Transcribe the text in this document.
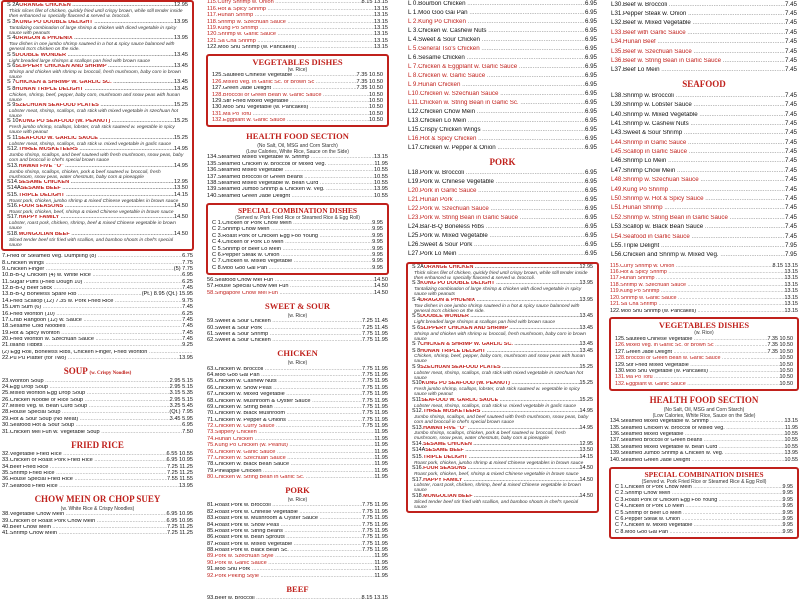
S 2A ORANGE CHICKEN .....	12.95
Thick slices filet of chicken, quickly fried until crispy brown, while still tender inside then enhanced w. specially flavored & served w. broccoli.
S 3 KUNG PO DOUBLE DELIGHT .....	13.95
Tantalizing combination of large shrimp & chicken with diced vegetable in spicy sauce with peanuts
S 4 DRAGON & PHOENIX .....	13.95
Tow dishes in one jumbo shrimp sauteed in a hot & spicy sauce balanced with general tso's chicken on the side.
S 5 DOUBLE WONDER .....	13.45
Light breaded large shrimps & scallops pan fried with brown sauce
S 6 SLIPPERY CHICKEN AND SHRIMP .....	13.45
Shrimp and chicken with shrimp w. broccoli, fresh mushroom, baby corn in brown sauce
S 7 CHICKEN & SHRIMP W. GARLIC SC. .....	13.45
S 8 HUNAN TRIPLE DELIGHT .....	13.45
Chicken, shrimp, beef, pepper, baby corn, mushroom and snow peas with hunan sauce
S 9 SZECHUAN SEAFOOD PLATES .....	15.25
Lobster meat, shrimp, scallops, crab stick with mixed vegetable in szechuan hot sauce
S 10 KUNG PO SEAFOOD (W. PEANUT) .....	15.25
Fresh jumbo shrimp, scallops, lobster, crab stick sauteed w. vegetable in spicy sauce with peanut
S 11 SEAFOOD W. GARLIC SAUCE .....	15.25
Lobster meat, shrimp, scallops, crab stick w. mixed vegetable in garlic sauce
S12. THREE MUSKETEERS .....	14.95
Jumbo shrimp, scallops, and beef sauteed with fresh mushroom, snow peas, baby corn and broccoli in chef's special brown sauce
S13. HAWAII FIVE "O" .....	14.95
Jumbo shrimp, scallops, chicken, pork & beef sauteed w. broccoli, fresh mushroom, snow peas, water chestnuts, baby corn & pineapple
S14. SESAME CHICKEN .....	12.95
S14A SESAME BEEF .....	13.50
S15. TRIPLE DELIGHT .....	14.15
Roast pork, chicken, jumbo shrimp & mixed Chinese vegetables in brown sauce
S16. FOUR SEASONS .....	14.50
Roast pork, chicken, beef, shrimp & mixed Chinese vegetable in brown sauce
S17. HAPPY FAMILY .....	14.50
Lobster, roast pork, chicken, shrimp, beef & mixed Chinese vegetable in brown sauce
S18. MONGOLIAN BEEF .....	14.50
Sliced tender beef stir fried with scallion, and bamboo shoots in chef's special sauce
7. Fried or Steamed Veg. Dumpling (8) .....	6.75
8. Chicken Wings .....	7.75
9. Chicken Finger .....	(5) 7.75
10. B-B-Q Chicken (4) w. White Rice .....	6.95
11. Sugar Puffs (Fried Dough 10) .....	6.25
12. B-B-Q Beef Stick .....	7.45
13. B-B-Q Boneless Spare Rib .....	(Pt.) 8.95 (Qt.) 15.95
14. Fried Scallop (12) 7.35 w. Pork Fried Rice .....	9.75
15. Dim Sum (6) .....	7.45
16. Fried Wonton (10) .....	6.25
17. Crab Rangoon (12) w. Sauce .....	7.45
18. Sesame Cold Noodles .....	7.45
19. Hot & Spicy Wonton .....	7.45
20. Fried Wonton w. Szechuan Sauce .....	7.45
21. Island Tidbits .....	9.25
(2) Egg Roll, Boneless Ribs, Chicken Finger, Fried Wonton .....
22. Pu Pu Platter (for Two) .....	13.95
SOUP (w. Crispy Noodles)
23. Wonton Soup .....	2.95 5.15
24. Egg Drop Soup .....	2.95 5.15
25. Mixed Wonton Egg Drop Soup .....	3.15 5.35
26. Chicken Noodle or Rice Soup .....	2.95 5.15
27. Mixed Veg. w. Bean Curd Soup .....	3.25 5.45
28. House Special Soup .....	(Qt.) 7.95
29. Hot & Sour Soup (No Meat) .....	3.45 5.95
30. Seafood Hot & Sour Soup .....	6.95
31. Chicken Mei Fun w. Vegetable Soup .....	7.50
FRIED RICE
32. Vegetable Fried Rice .....	6.55 10.55
33. Chicken or Roast Pork Fried Rice .....	6.95 10.95
34. Beef Fried Rice .....	7.25 11.25
35. Shrimp Fried Rice .....	7.25 11.25
36. House Special Fried Rice .....	7.55 11.55
37. Seafood Fried Rice .....	13.95
CHOW MEIN OR CHOP SUEY
(w. White Rice & Crispy Noodles)
38. Vegetable Chow Mein .....	6.95 10.95
39. Chicken or Roast Pork Chow Mein .....	6.95 10.95
40. Beef Chow Mein .....	7.25 11.25
41. Shrimp Chow Mein .....	7.25 11.25
115. Curry Shrimp w. Onion .....	8.15 13.15
116. Hot & Spicy Shrimp .....	13.15
117. Hunan Shrimp .....	13.15
118. Shrimp w. Szechuan Sauce .....	13.15
119. Kung Po Shrimp .....	13.15
120. Shrimp w. Garlic Sauce .....	13.15
121. Sa Cha Shrimp .....	13.15
122. Moo Shu Shrimp (w. Pancakes) .....	13.15
VEGETABLES DISHES
(w. Rice)
125. Sauteed Chinese Vegetable .....	7.35 10.50
126. Mixed Veg. in Garlic Sc. or Brown Sc .....	7.35 10.50
127. Green Jade Delight .....	7.35 10.50
128. Broccoli or Green Bean w. Garlic Sauce .....	10.50
129. Stir Fried Mixed Vegetable .....	10.50
130. Moo Shu Vegetable (w. Pancakes) .....	10.50
131. Ma Po Tofu .....	10.50
132. Eggplant w. Garlic Sauce .....	10.50
HEALTH FOOD SECTION
(No Salt, Oil, MSG and Corn Starch)
(Low Calories, White Rice, Sauce on the Side)
134. Steamed Mixed Vegetable w. Shrimp .....	13.15
135. Steamed Chicken w. Broccoli or Mixed Veg. .....	11.95
136. Steamed Mixed Vegetable .....	10.55
137. Steamed Broccoli or Green Beans .....	10.55
138. Steamed Mixed Vegetable w. Bean Curd .....	10.55
139. Steamed Jumbo Shrimp & Chicken w. Veg. .....	13.95
140. Steamed Green Jade Delight .....	10.55
SPECIAL COMBINATION DISHES
(Served w. Pork Fried Rice or Steamed Rice & Egg Roll)
C 1. Chicken or Pork Chow Mein .....	9.95
C 2. Shrimp Chow Mein .....	9.95
C 3. Roast Pork or Chicken Egg Foo Young .....	9.95
C 4. Chicken or Pork Lo Mein .....	9.95
C 5. Shrimp or Beef Lo Mein .....	9.95
C 6. Pepper Steak w. Onion .....	9.95
C 7. Chicken w. Mixed Vegetable .....	9.95
C 8. Moo Goo Gai Pan .....	9.95
56. Seafood Chow Mei Fun .....	14.50
57. House Special Chow Mei Fun .....	14.50
58. Singapore Chow Mei Fun .....	14.50
SWEET & SOUR
(w. Rice)
59. Sweet & Sour Chicken .....	7.25 11.45
60. Sweet & Sour Pork .....	7.25 11.45
61. Sweet & Sour Shrimp .....	7.75 11.95
62. Sweet & Sour Chicken .....	7.75 11.95
CHICKEN
(w. Rice)
63. Chicken w. Broccoli .....	7.75 11.95
64. Moo Goo Gai Pan .....	7.75 11.95
65. Chicken w. Cashew Nuts .....	7.75 11.95
66. Chicken w. Snow Peas .....	7.75 11.95
67. Chicken w. Mixed Vegetable .....	7.75 11.95
68. Chicken w. Mushroom & Oyster Sauce .....	7.75 11.95
69. Chicken w. String Bean .....	7.75 11.95
70. Chicken w. Black Mushroom .....	7.75 11.95
71. Chicken w. Pepper & Onions .....	7.75 11.95
72. Chicken w. Curry Sauce .....	7.75 11.95
73. Slippery Chicken .....	11.95
74. Hunan Chicken .....	11.95
75. Kung Po Chicken (w. Peanut) .....	11.95
76. Chicken w. Garlic Sauce .....	11.95
77. Chicken w. Szechuan Sauce .....	11.95
78. Chicken w. Black Bean Sauce .....	11.95
79. Pineapple Chicken .....	11.95
80. Chicken w. String Bean in Garlic Sc. .....	11.95
PORK
(w. Rice)
81. Roast Pork w. Broccoli .....	7.75 11.95
82. Roast Pork w. Chinese Vegetable .....	7.75 11.95
83. Roast Pork w. Mushroom & Oyster Sauce .....	7.75 11.95
84. Roast Pork w. Snow Peas .....	7.75 11.95
85. Roast Pork w. String Beans .....	7.75 11.95
86. Roast Pork w. Bean Sprouts .....	7.75 11.95
87. Roast Pork w. Mixed Vegetable .....	7.75 11.95
88. Roast Pork w. Black Bean Sc. .....	7.75 11.95
89. Pork w. Szechuan Style .....	11.95
90. Pork w. Garlic Sauce .....	11.95
91. Moo Shu Pork .....	11.95
92. Pork Peking Style .....	11.95
BEEF
93. Beef w. Broccoli .....	8.15 13.15
L 0. Bourbon Chicken .....	6.95
L 1. Moo Goo Gai Pan .....	6.95
L 2. Kung Po Chicken .....	6.95
L 3. Chicken w. Cashew Nuts .....	6.95
L 4. Sweet & Sour Chicken .....	6.95
L 5. General Tso's Chicken .....	6.95
L 6. Sesame Chicken .....	6.95
L 7. Chicken & Eggplant w. Garlic Sauce .....	6.95
L 8. Chicken w. Garlic Sauce .....	6.95
L 9. Hunan Chicken .....	6.95
L10. Chicken w. Szechuan Sauce .....	6.95
L11. Chicken w. String Bean in Garlic Sc. .....	6.95
L12. Chicken Chow Mein .....	6.95
L13. Chicken Lo Mein .....	6.95
L15. Crispy Chicken Wings .....	6.95
L16. Hot & Spicy Chicken .....	6.95
L17. Chicken w. Pepper & Onion .....	6.95
PORK
L18. Pork w. Broccoli .....	6.95
L19. Pork w. Chinese Vegetable .....	6.95
L20. Pork in Garlic Sauce .....	6.95
L21. Hunan Pork .....	6.95
L22. Pork w. Szechuan Sauce .....	6.95
L23. Pork w. String Bean in Garlic Sauce .....	6.95
L24. Bar-B-Q Boneless Ribs .....	6.95
L25. Pork w. Mixed Vegetable .....	6.95
L26. Sweet & Sour Pork .....	6.95
L27. Pork Lo Mein .....	6.95
S 2A ORANGE CHICKEN .....	12.95
Thick slices filet of chicken, quickly fried until crispy brown, while still tender inside then enhanced w. specially flavored & served w. broccoli.
S 3 KUNG PO DOUBLE DELIGHT .....	13.95
Tantalizing combination of large shrimp & chicken with diced vegetable in spicy sauce with peanuts
S 4 DRAGON & PHOENIX .....	13.95
Tow dishes in one jumbo shrimp sauteed in a hot & spicy sauce balanced with general tso's chicken on the side.
S 5 DOUBLE WONDER .....	13.45
Light breaded large shrimps & scallops pan fried with brown sauce
S 6 SLIPPERY CHICKEN AND SHRIMP .....	13.45
Shrimp and chicken with shrimp w. broccoli, fresh mushroom, baby corn in brown sauce
S 7 CHICKEN & SHRIMP W. GARLIC SC. .....	13.45
S 8 HUNAN TRIPLE DELIGHT .....	13.45
Chicken, shrimp, beef, pepper, baby corn, mushroom and snow peas with hunan sauce
S 9 SZECHUAN SEAFOOD PLATES .....	15.25
Lobster meat, shrimp, scallops, crab stick with mixed vegetable in szechuan hot sauce
S10 KUNG PO SEAFOOD (W. PEANUT) .....	15.25
Fresh jumbo shrimp, scallops, lobster, crab stick sauteed w. vegetable in spicy sauce with peanut
S11 SEAFOOD W. GARLIC SAUCE .....	15.25
Lobster meat, shrimp, scallops, crab stick w. mixed vegetable in garlic sauce
S12. THREE MUSKETEERS .....	14.95
Jumbo shrimp, scallops, and beef sauteed with fresh mushroom, snow peas, baby corn and broccoli in chef's special brown sauce
S13. HAWAII FIVE "O" .....	14.95
Jumbo shrimp, scallops, chicken, pork & beef sauteed w. broccoli, fresh mushroom, snow peas, water chestnuts, baby corn & pineapple
S14. SESAME CHICKEN .....	12.95
S14A SESAME BEEF .....	13.50
S15. TRIPLE DELIGHT .....	14.15
Roast pork, chicken, jumbo shrimp & mixed Chinese vegetables in brown sauce
S16. FOUR SEASONS .....	14.50
Roast pork, chicken, beef, shrimp & mixed Chinese vegetable in brown sauce
S17. HAPPY FAMILY .....	14.50
Lobster, roast pork, chicken, shrimp, beef & mixed Chinese vegetable in brown sauce
S18. MONGOLIAN BEEF .....	14.50
Sliced tender beef stir fried with scallion, and bamboo shoots in chef's special sauce
L30. Beef w. Broccoli .....	7.45
L31. Pepper Steak w. Onion .....	7.45
L32. Beef w. Mixed Vegetable .....	7.45
L33. Beef with Garlic Sauce .....	7.45
L34. Hunan Beef .....	7.45
L35. Beef w. Szechuan Sauce .....	7.45
L36. Beef w. String Bean in Garlic Sauce .....	7.45
L37. Beef Lo Mein .....	7.45
SEAFOOD
L38. Shrimp w. Broccoli .....	7.45
L39. Shrimp w. Lobster Sauce .....	7.45
L40. Shrimp w. Mixed Vegetable .....	7.45
L41. Shrimp w. Cashew Nuts .....	7.45
L43. Sweet & Sour Shrimp .....	7.45
L44. Shrimp in Garlic Sauce .....	7.45
L45. Scallop in Garlic Sauce .....	7.45
L46. Shrimp Lo Mein .....	7.45
L47. Shrimp Chow Mein .....	7.45
L48. Shrimp w. Szechuan Sauce .....	7.45
L49. Kung Po Shrimp .....	7.45
L50. Shrimp w. Hot & Spicy Sauce .....	7.45
L51. Hunan Shrimp .....	7.45
L52. Shrimp w. String Bean in Garlic Sauce .....	7.45
L53. Scallop w. Black Bean Sauce .....	7.45
L54. Seafood in Garlic Sauce .....	7.45
L55. Triple Delight .....	7.95
L56. Chicken and Shrimp w. Mixed Veg. .....	7.95
115. Curry Shrimp w. Onion .....	8.15 13.15
116. Hot & Spicy Shrimp .....	13.15
117. Hunan Shrimp .....	13.15
118. Shrimp w. Szechuan Sauce .....	13.15
119. Kung Po Shrimp .....	13.15
120. Shrimp w. Garlic Sauce .....	13.15
121. Sa Cha Shrimp .....	13.15
122. Moo Shu Shrimp (w. Pancakes) .....	13.15
VEGETABLES DISHES
(w. Rice)
125. Sauteed Chinese Vegetable .....	7.35 10.50
126. Mixed Veg. in Garlic Sc. or Brown Sc .....	7.35 10.50
127. Green Jade Delight .....	7.35 10.50
128. Broccoli or Green Bean w. Garlic Sauce .....	10.50
129. Stir Fried Mixed Vegetable .....	10.50
130. Moo Shu Vegetable (w. Pancakes) .....	10.50
131. Ma Po Tofu .....	10.50
132. Eggplant w. Garlic Sauce .....	10.50
HEALTH FOOD SECTION
(No Salt, Oil, MSG and Corn Starch)
(Low Calories, White Rice, Sauce on the Side)
134. Steamed Mixed Vegetable w. Shrimp .....	13.15
135. Steamed Chicken w. Broccoli or Mixed Veg. .....	11.95
136. Steamed Mixed Vegetable .....	10.55
137. Steamed Broccoli or Green Beans .....	10.55
138. Steamed Mixed Vegetable w. Bean Curd .....	10.55
139. Steamed Jumbo Shrimp & Chicken w. Veg. .....	13.95
140. Steamed Green Jade Delight .....	10.55
SPECIAL COMBINATION DISHES
(Served w. Pork Fried Rice or Steamed Rice & Egg Roll)
C 1. Chicken or Pork Chow Mein .....	9.95
C 2. Shrimp Chow Mein .....	9.95
C 3. Roast Pork or Chicken Egg Foo Young .....	9.95
C 4. Chicken or Pork Lo Mein .....	9.95
C 5. Shrimp or Beef Lo Mein .....	9.95
C 6. Pepper Steak w. Onion .....	9.95
C 7. Chicken w. Mixed Vegetable .....	9.95
C 8. Moo Goo Gai Pan .....	9.95
